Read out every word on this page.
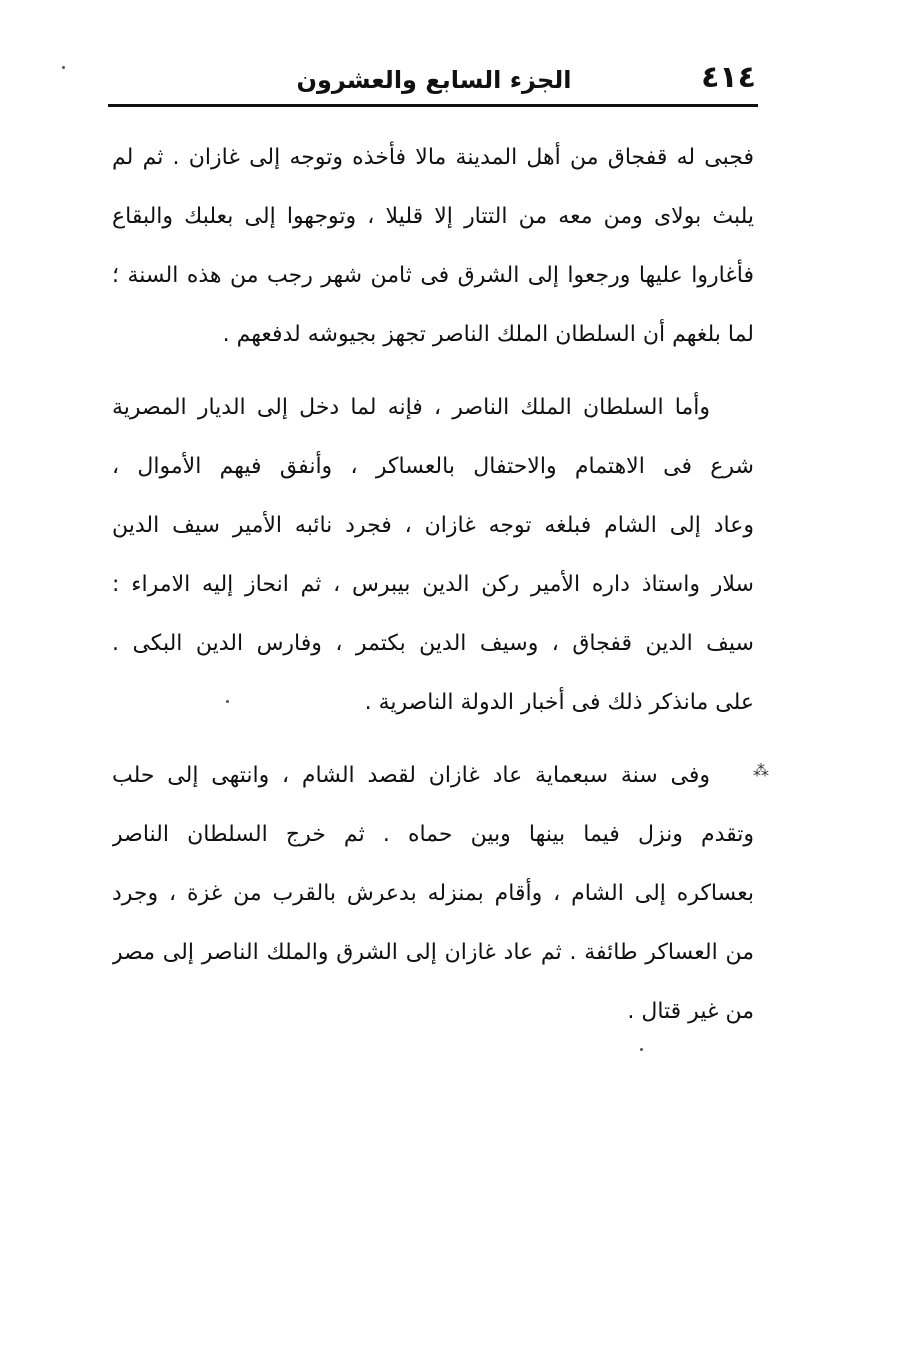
٤١٤
الجزء السابع والعشرون
فجبى له قفجاق من أهل المدينة مالا فأخذه وتوجه إلى غازان . ثم لم
يلبث بولاى ومن معه من التتار إلا قليلا ، وتوجهوا إلى بعلبك والبقاع
فأغاروا عليها ورجعوا إلى الشرق فى ثامن شهر رجب من هذه السنة ؛
لما بلغهم أن السلطان الملك الناصر تجهز بجيوشه لدفعهم .
وأما السلطان الملك الناصر ، فإنه لما دخل إلى الديار المصرية
شرع فى الاهتمام والاحتفال بالعساكر ، وأنفق فيهم الأموال ،
وعاد إلى الشام فبلغه توجه غازان ، فجرد نائبه الأمير سيف الدين
سلار واستاذ داره الأمير ركن الدين بيبرس ، ثم انحاز إليه الامراء :
سيف الدين قفجاق ، وسيف الدين بكتمر ، وفارس الدين البكى .
على مانذكر ذلك فى أخبار الدولة الناصرية .
وفى سنة سبعماية عاد غازان لقصد الشام ، وانتهى إلى حلب
وتقدم ونزل فيما بينها وبين حماه . ثم خرج السلطان الناصر
بعساكره إلى الشام ، وأقام بمنزله بدعرش بالقرب من غزة ، وجرد
من العساكر طائفة . ثم عاد غازان إلى الشرق والملك الناصر إلى مصر
من غير قتال .
⁂
